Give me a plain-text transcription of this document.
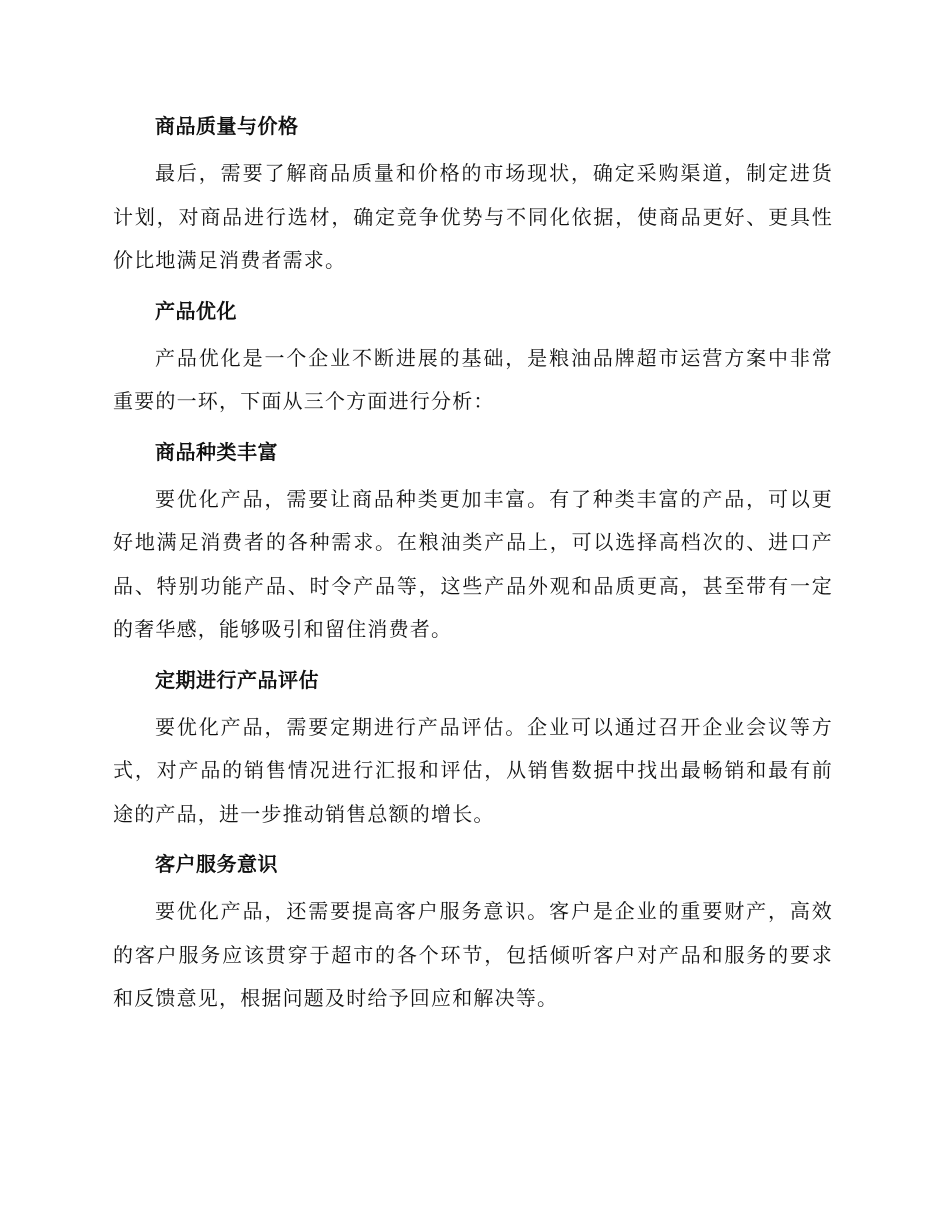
商品质量与价格

最后，需要了解商品质量和价格的市场现状，确定采购渠道，制定进货计划，对商品进行选材，确定竞争优势与不同化依据，使商品更好、更具性价比地满足消费者需求。

产品优化

产品优化是一个企业不断进展的基础，是粮油品牌超市运营方案中非常重要的一环，下面从三个方面进行分析：

商品种类丰富

要优化产品，需要让商品种类更加丰富。有了种类丰富的产品，可以更好地满足消费者的各种需求。在粮油类产品上，可以选择高档次的、进口产品、特别功能产品、时令产品等，这些产品外观和品质更高，甚至带有一定的奢华感，能够吸引和留住消费者。

定期进行产品评估

要优化产品，需要定期进行产品评估。企业可以通过召开企业会议等方式，对产品的销售情况进行汇报和评估，从销售数据中找出最畅销和最有前途的产品，进一步推动销售总额的增长。

客户服务意识

要优化产品，还需要提高客户服务意识。客户是企业的重要财产，高效的客户服务应该贯穿于超市的各个环节，包括倾听客户对产品和服务的要求和反馈意见，根据问题及时给予回应和解决等。
